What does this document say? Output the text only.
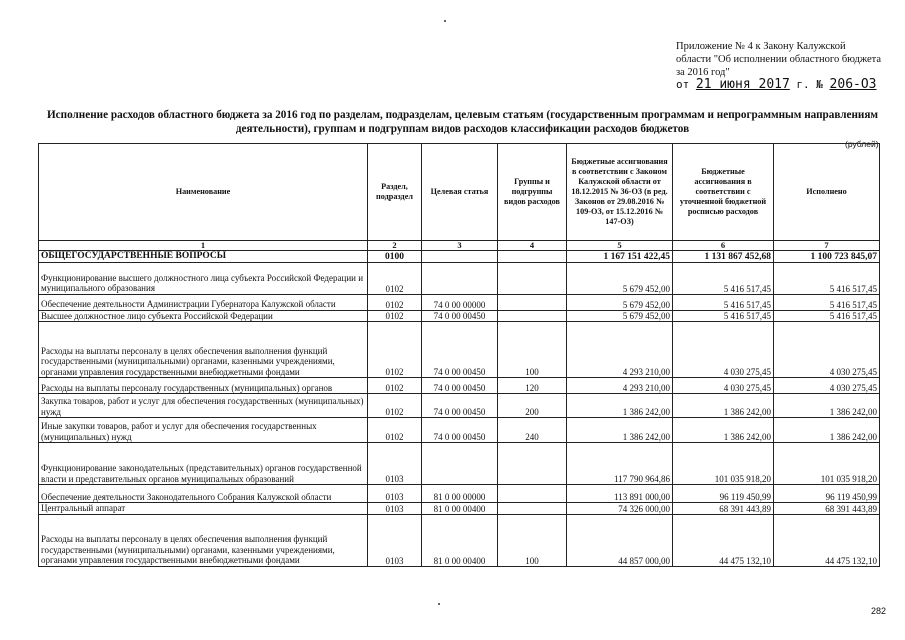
Приложение № 4 к Закону Калужской
области "Об исполнении областного бюджета
за 2016 год"
от 21 июня 2017 г. № 206-ОЗ
Исполнение расходов областного бюджета за 2016 год по разделам, подразделам, целевым статьям (государственным программам и непрограммным направлениям деятельности), группам и подгруппам видов расходов классификации расходов бюджетов
(рублей)
Наименование	Раздел, подраздел	Целевая статья	Группы и подгруппы видов расходов	Бюджетные ассигнования в соответствии с Законом Калужской области от 18.12.2015 № 36-ОЗ (в ред. Законов от 29.08.2016 № 109-ОЗ, от 15.12.2016 № 147-ОЗ)	Бюджетные ассигнования в соответствии с уточненной бюджетной росписью расходов	Исполнено
1	2	3	4	5	6	7
ОБЩЕГОСУДАРСТВЕННЫЕ ВОПРОСЫ	0100			1 167 151 422,45	1 131 867 452,68	1 100 723 845,07
Функционирование высшего должностного лица субъекта Российской Федерации и муниципального образования	0102			5 679 452,00	5 416 517,45	5 416 517,45
Обеспечение деятельности Администрации Губернатора Калужской области	0102	74 0 00 00000		5 679 452,00	5 416 517,45	5 416 517,45
Высшее должностное лицо субъекта Российской Федерации	0102	74 0 00 00450		5 679 452,00	5 416 517,45	5 416 517,45
Расходы на выплаты персоналу в целях обеспечения выполнения функций государственными (муниципальными) органами, казенными учреждениями, органами управления государственными внебюджетными фондами	0102	74 0 00 00450	100	4 293 210,00	4 030 275,45	4 030 275,45
Расходы на выплаты персоналу государственных (муниципальных) органов	0102	74 0 00 00450	120	4 293 210,00	4 030 275,45	4 030 275,45
Закупка товаров, работ и услуг для обеспечения государственных (муниципальных) нужд	0102	74 0 00 00450	200	1 386 242,00	1 386 242,00	1 386 242,00
Иные закупки товаров, работ и услуг для обеспечения государственных (муниципальных) нужд	0102	74 0 00 00450	240	1 386 242,00	1 386 242,00	1 386 242,00
Функционирование законодательных (представительных) органов государственной власти и представительных органов муниципальных образований	0103			117 790 964,86	101 035 918,20	101 035 918,20
Обеспечение деятельности Законодательного Собрания Калужской области	0103	81 0 00 00000		113 891 000,00	96 119 450,99	96 119 450,99
Центральный аппарат	0103	81 0 00 00400		74 326 000,00	68 391 443,89	68 391 443,89
Расходы на выплаты персоналу в целях обеспечения выполнения функций государственными (муниципальными) органами, казенными учреждениями, органами управления государственными внебюджетными фондами	0103	81 0 00 00400	100	44 857 000,00	44 475 132,10	44 475 132,10
282
